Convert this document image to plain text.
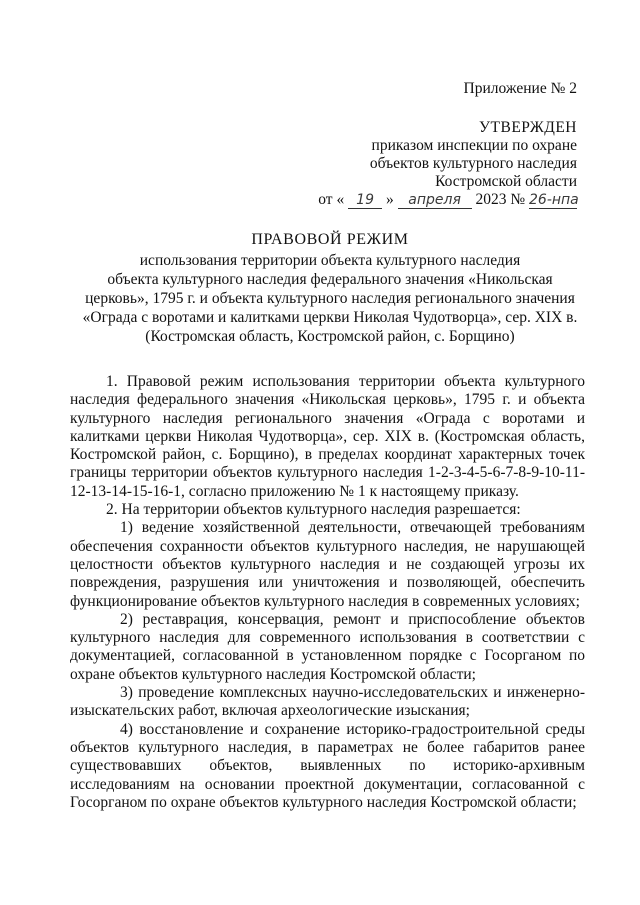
Приложение № 2
УТВЕРЖДЕН
приказом инспекции по охране
объектов культурного наследия
Костромской области
от « 19 » апреля 2023 № 26-нпа
ПРАВОВОЙ РЕЖИМ
использования территории объекта культурного наследия
объекта культурного наследия федерального значения «Никольская
церковь», 1795 г. и объекта культурного наследия регионального значения
«Ограда с воротами и калитками церкви Николая Чудотворца», сер. XIX в.
(Костромская область, Костромской район, с. Борщино)

1. Правовой режим использования территории объекта культурного наследия федерального значения «Никольская церковь», 1795 г. и объекта культурного наследия регионального значения «Ограда с воротами и калитками церкви Николая Чудотворца», сер. XIX в. (Костромская область, Костромской район, с. Борщино), в пределах координат характерных точек границы территории объектов культурного наследия 1-2-3-4-5-6-7-8-9-10-11-12-13-14-15-16-1, согласно приложению № 1 к настоящему приказу.

2. На территории объектов культурного наследия разрешается:

1) ведение хозяйственной деятельности, отвечающей требованиям обеспечения сохранности объектов культурного наследия, не нарушающей целостности объектов культурного наследия и не создающей угрозы их повреждения, разрушения или уничтожения и позволяющей, обеспечить функционирование объектов культурного наследия в современных условиях;

2) реставрация, консервация, ремонт и приспособление объектов культурного наследия для современного использования в соответствии с документацией, согласованной в установленном порядке с Госорганом по охране объектов культурного наследия Костромской области;

3) проведение комплексных научно-исследовательских и инженерно-изыскательских работ, включая археологические изыскания;

4) восстановление и сохранение историко-градостроительной среды объектов культурного наследия, в параметрах не более габаритов ранее существовавших объектов, выявленных по историко-архивным исследованиям на основании проектной документации, согласованной с Госорганом по охране объектов культурного наследия Костромской области;
